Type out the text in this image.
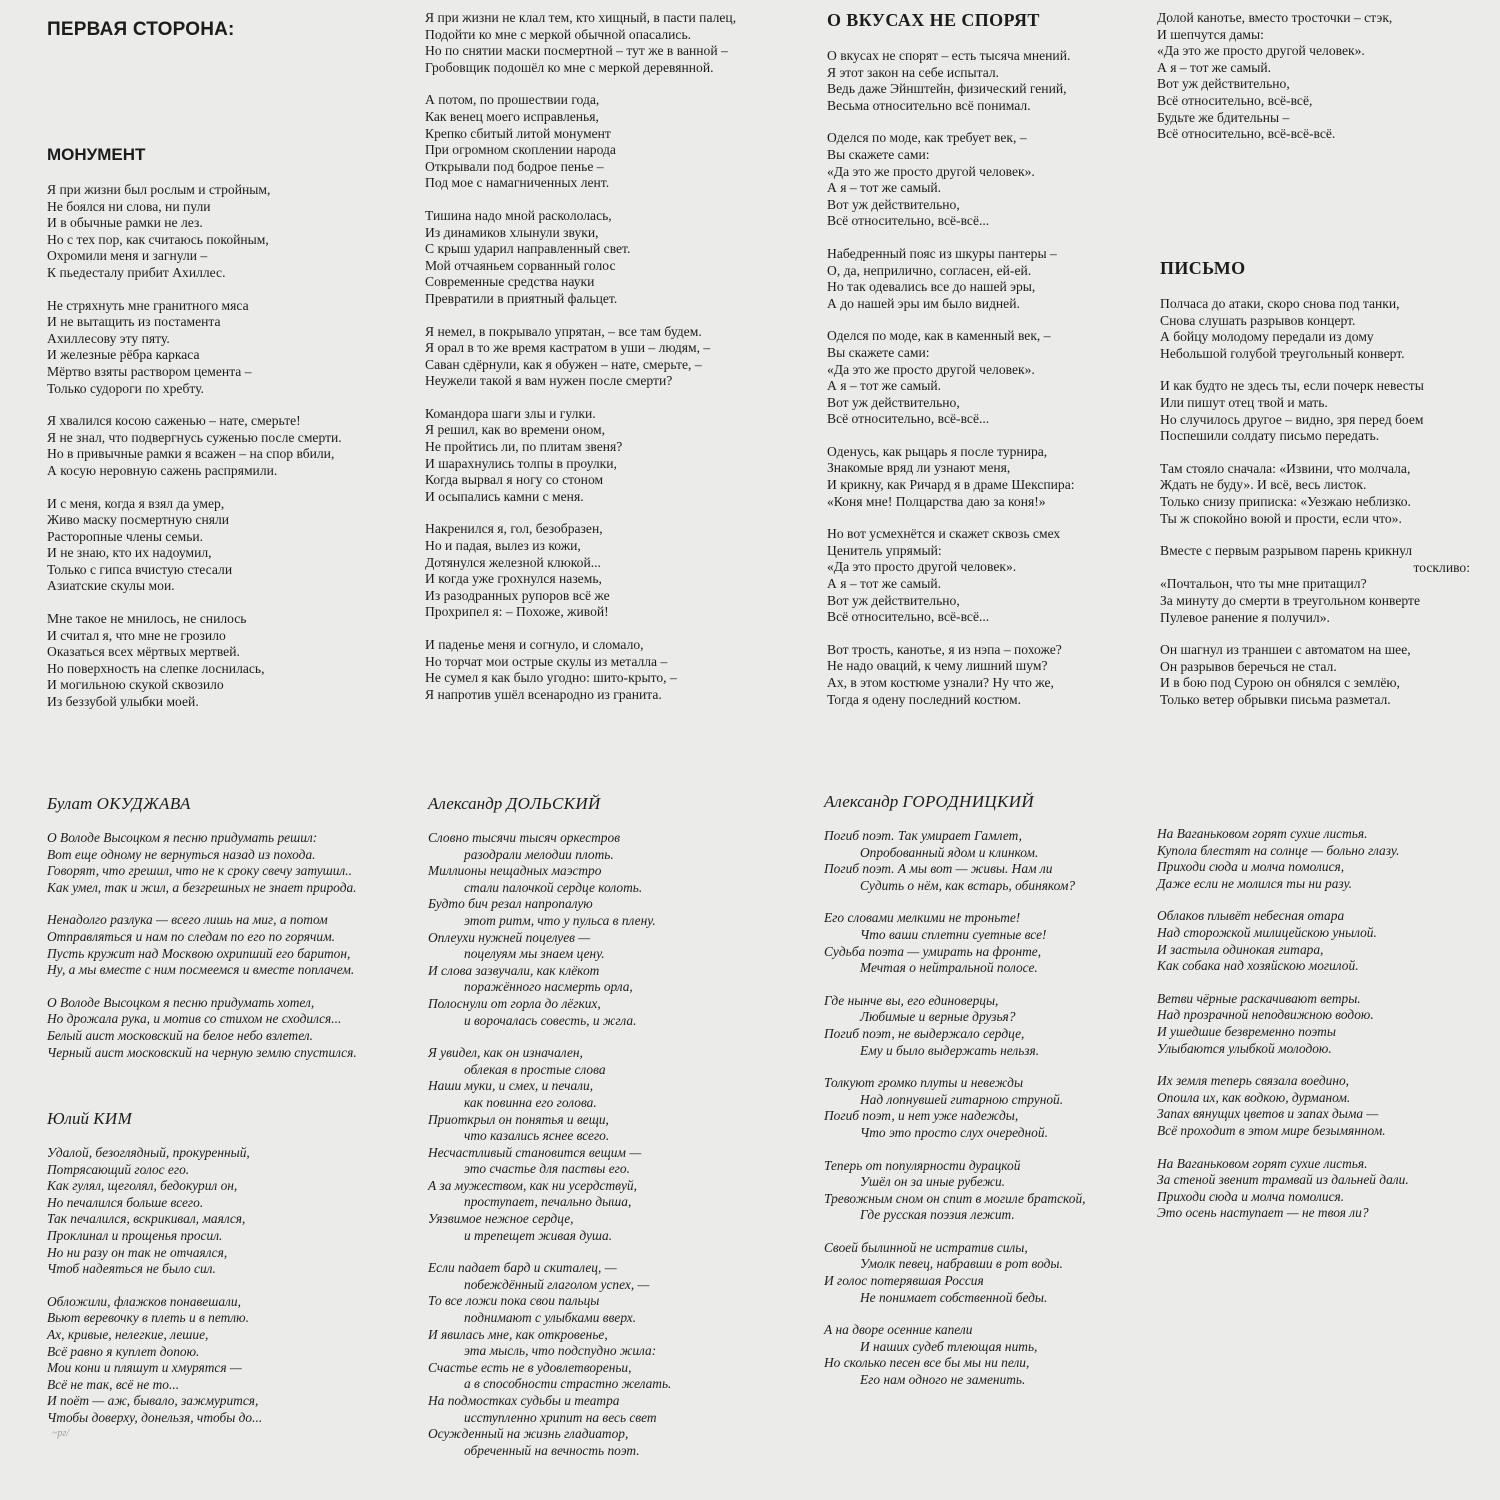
ПЕРВАЯ СТОРОНА:
МОНУМЕНТ
Я при жизни был рослым и стройным,
Не боялся ни слова, ни пули
И в обычные рамки не лез.
Но с тех пор, как считаюсь покойным,
Охромили меня и загнули –
К пьедесталу прибит Ахиллес.
Не стряхнуть мне гранитного мяса
И не вытащить из постамента
Ахиллесову эту пяту.
И железные рёбра каркаса
Мёртво взяты раствором цемента –
Только судороги по хребту.
Я хвалился косою саженью – нате, смерьте!
Я не знал, что подвергнусь суженью после смерти.
Но в привычные рамки я всажен – на спор вбили,
А косую неровную сажень распрямили.
И с меня, когда я взял да умер,
Живо маску посмертную сняли
Расторопные члены семьи.
И не знаю, кто их надоумил,
Только с гипса вчистую стесали
Азиатские скулы мои.
Мне такое не мнилось, не снилось
И считал я, что мне не грозило
Оказаться всех мёртвых мертвей.
Но поверхность на слепке лоснилась,
И могильною скукой сквозило
Из беззубой улыбки моей.
Я при жизни не клал тем, кто хищный, в пасти палец,
Подойти ко мне с меркой обычной опасались.
Но по снятии маски посмертной – тут же в ванной –
Гробовщик подошёл ко мне с меркой деревянной.
А потом, по прошествии года,
Как венец моего исправленья,
Крепко сбитый литой монумент
При огромном скоплении народа
Открывали под бодрое пенье –
Под мое с намагниченных лент.
Тишина надо мной раскололась,
Из динамиков хлынули звуки,
С крыш ударил направленный свет.
Мой отчаяньем сорванный голос
Современные средства науки
Превратили в приятный фальцет.
Я немел, в покрывало упрятан, – все там будем.
Я орал в то же время кастратом в уши – людям, –
Саван сдёрнули, как я обужен – нате, смерьте, –
Неужели такой я вам нужен после смерти?
Командора шаги злы и гулки.
Я решил, как во времени оном,
Не пройтись ли, по плитам звеня?
И шарахнулись толпы в проулки,
Когда вырвал я ногу со стоном
И осыпались камни с меня.
Накренился я, гол, безобразен,
Но и падая, вылез из кожи,
Дотянулся железной клюкой...
И когда уже грохнулся наземь,
Из разодранных рупоров всё же
Прохрипел я: – Похоже, живой!
И паденье меня и согнуло, и сломало,
Но торчат мои острые скулы из металла –
Не сумел я как было угодно: шито-крыто, –
Я напротив ушёл всенародно из гранита.
О ВКУСАХ НЕ СПОРЯТ
О вкусах не спорят – есть тысяча мнений.
Я этот закон на себе испытал.
Ведь даже Эйнштейн, физический гений,
Весьма относительно всё понимал.
Оделся по моде, как требует век, –
Вы скажете сами:
«Да это же просто другой человек».
А я – тот же самый.
Вот уж действительно,
Всё относительно, всё-всё...
Набедренный пояс из шкуры пантеры –
О, да, неприлично, согласен, ей-ей.
Но так одевались все до нашей эры,
А до нашей эры им было видней.
Оделся по моде, как в каменный век, –
Вы скажете сами:
«Да это же просто другой человек».
А я – тот же самый.
Вот уж действительно,
Всё относительно, всё-всё...
Оденусь, как рыцарь я после турнира,
Знакомые вряд ли узнают меня,
И крикну, как Ричард я в драме Шекспира:
«Коня мне! Полцарства даю за коня!»
Но вот усмехнётся и скажет сквозь смех
Ценитель упрямый:
«Да это просто другой человек».
А я – тот же самый.
Вот уж действительно,
Всё относительно, всё-всё...
Вот трость, канотье, я из нэпа – похоже?
Не надо оваций, к чему лишний шум?
Ах, в этом костюме узнали? Ну что же,
Тогда я одену последний костюм.
Долой канотье, вместо тросточки – стэк,
И шепчутся дамы:
«Да это же просто другой человек».
А я – тот же самый.
Вот уж действительно,
Всё относительно, всё-всё,
Будьте же бдительны –
Всё относительно, всё-всё-всё.
ПИСЬМО
Полчаса до атаки, скоро снова под танки,
Снова слушать разрывов концерт.
А бойцу молодому передали из дому
Небольшой голубой треугольный конверт.
И как будто не здесь ты, если почерк невесты
Или пишут отец твой и мать.
Но случилось другое – видно, зря перед боем
Поспешили солдату письмо передать.
Там стояло сначала: «Извини, что молчала,
Ждать не буду». И всё, весь листок.
Только снизу приписка: «Уезжаю неблизко.
Ты ж спокойно воюй и прости, если что».
Вместе с первым разрывом парень крикнул
тоскливо:
«Почтальон, что ты мне притащил?
За минуту до смерти в треугольном конверте
Пулевое ранение я получил».
Он шагнул из траншеи с автоматом на шее,
Он разрывов беречься не стал.
И в бою под Сурою он обнялся с землёю,
Только ветер обрывки письма разметал.
Булат ОКУДЖАВА
О Володе Высоцком я песню придумать решил:
Вот еще одному не вернуться назад из похода.
Говорят, что грешил, что не к сроку свечу затушил..
Как умел, так и жил, а безгрешных не знает природа.
Ненадолго разлука — всего лишь на миг, а потом
Отправляться и нам по следам по его по горячим.
Пусть кружит над Москвою охрипший его баритон,
Ну, а мы вместе с ним посмеемся и вместе поплачем.
О Володе Высоцком я песню придумать хотел,
Но дрожала рука, и мотив со стихом не сходился...
Белый аист московский на белое небо взлетел.
Черный аист московский на черную землю спустился.
Юлий КИМ
Удалой, безоглядный, прокуренный,
Потрясающий голос его.
Как гулял, щеголял, бедокурил он,
Но печалился больше всего.
Так печалился, вскрикивал, маялся,
Проклинал и прощенья просил.
Но ни разу он так не отчаялся,
Чтоб надеяться не было сил.
Обложили, флажков понавешали,
Вьют веревочку в плеть и в петлю.
Ах, кривые, нелегкие, лешие,
Всё равно я куплет допою.
Мои кони и пляшут и хмурятся —
Всё не так, всё не то...
И поёт — аж, бывало, зажмурится,
Чтобы доверху, донельзя, чтобы до...
Александр ДОЛЬСКИЙ
Словно тысячи тысяч оркестров
разодрали мелодии плоть.
Миллионы нещадных маэстро
стали палочкой сердце колоть.
Будто бич резал напропалую
этот ритм, что у пульса в плену.
Оплеухи нужней поцелуев —
поцелуям мы знаем цену.
И слова зазвучали, как клёкот
поражённого насмерть орла,
Полоснули от горла до лёгких,
и ворочалась совесть, и жгла.
Я увидел, как он изначален,
облекая в простые слова
Наши муки, и смех, и печали,
как повинна его голова.
Приоткрыл он понятья и вещи,
что казались яснее всего.
Несчастливый становится вещим —
это счастье для паствы его.
А за мужеством, как ни усердствуй,
проступает, печально дыша,
Уязвимое нежное сердце,
и трепещет живая душа.
Если падает бард и скиталец, —
побеждённый глаголом успех, —
То все ложи пока свои пальцы
поднимают с улыбками вверх.
И явилась мне, как откровенье,
эта мысль, что подспудно жила:
Счастье есть не в удовлетвореньи,
а в способности страстно желать.
На подмостках судьбы и театра
исступленно хрипит на весь свет
Осужденный на жизнь гладиатор,
обреченный на вечность поэт.
Александр ГОРОДНИЦКИЙ
Погиб поэт. Так умирает Гамлет,
Опробованный ядом и клинком.
Погиб поэт. А мы вот — живы. Нам ли
Судить о нём, как встарь, обиняком?
Его словами мелкими не троньте!
Что ваши сплетни суетные все!
Судьба поэта — умирать на фронте,
Мечтая о нейтральной полосе.
Где нынче вы, его единоверцы,
Любимые и верные друзья?
Погиб поэт, не выдержало сердце,
Ему и было выдержать нельзя.
Толкуют громко плуты и невежды
Над лопнувшей гитарною струной.
Погиб поэт, и нет уже надежды,
Что это просто слух очередной.
Теперь от популярности дурацкой
Ушёл он за иные рубежи.
Тревожным сном он спит в могиле братской,
Где русская поэзия лежит.
Своей былинной не истратив силы,
Умолк певец, набравши в рот воды.
И голос потерявшая Россия
Не понимает собственной беды.
А на дворе осенние капели
И наших судеб тлеющая нить,
Но сколько песен все бы мы ни пели,
Его нам одного не заменить.
На Ваганьковом горят сухие листья.
Купола блестят на солнце — больно глазу.
Приходи сюда и молча помолися,
Даже если не молился ты ни разу.
Облаков плывёт небесная отара
Над сторожкой милицейскою унылой.
И застыла одинокая гитара,
Как собака над хозяйскою могилой.
Ветви чёрные раскачивают ветры.
Над прозрачной неподвижною водою.
И ушедшие безвременно поэты
Улыбаются улыбкой молодою.
Их земля теперь связала воедино,
Опоила их, как водкою, дурманом.
Запах вянущих цветов и запах дыма —
Всё проходит в этом мире безымянном.
На Ваганьковом горят сухие листья.
За стеной звенит трамвай из дальней дали.
Приходи сюда и молча помолися.
Это осень наступает — не твоя ли?
~рг/
